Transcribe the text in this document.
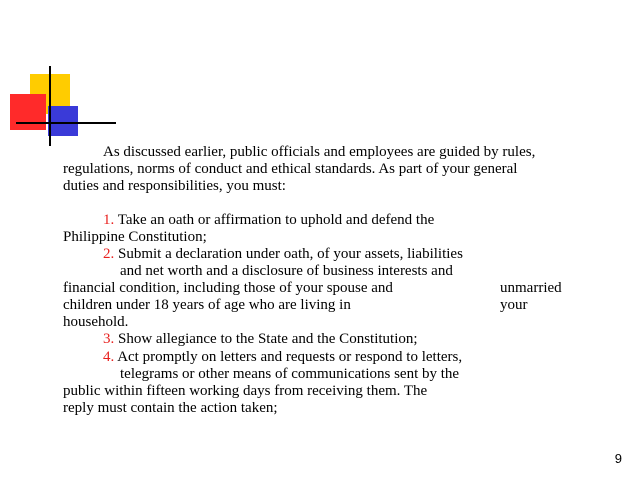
As discussed earlier, public officials and employees are guided by rules,

regulations, norms of conduct and ethical standards. As part of your general

duties and responsibilities, you must:

1. Take an oath or affirmation to uphold and defend the

Philippine Constitution;

2. Submit a declaration under oath, of your assets, liabilities

and net worth and a disclosure of business interests and

financial condition, including those of your spouse and	unmarried

children under 18 years of age who are living in	your

household.

3. Show allegiance to the State and the Constitution;

4. Act promptly on letters and requests or respond to letters,

telegrams or other means of communications sent by the

public within fifteen working days from receiving them. The

reply must contain the action taken;

9
